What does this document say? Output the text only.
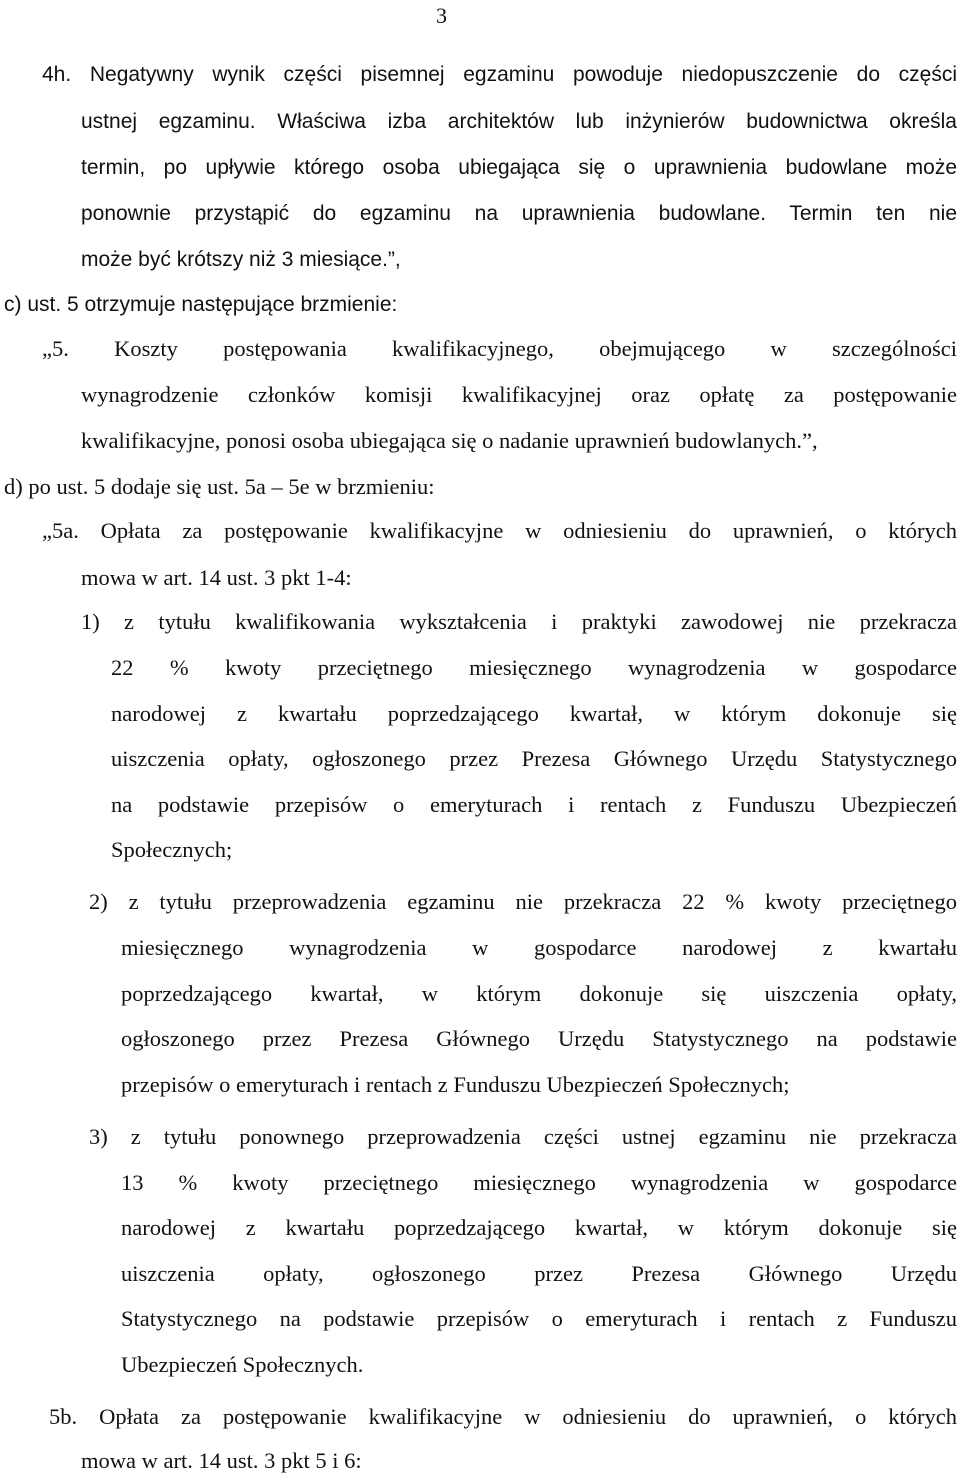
3

4h. Negatywny wynik części pisemnej egzaminu powoduje niedopuszczenie do części

ustnej egzaminu. Właściwa izba architektów lub inżynierów budownictwa określa

termin, po upływie którego osoba ubiegająca się o uprawnienia budowlane może

ponownie przystąpić do egzaminu na uprawnienia budowlane. Termin ten nie

może być krótszy niż 3 miesiące.”,

c) ust. 5 otrzymuje następujące brzmienie:

„5. Koszty postępowania kwalifikacyjnego, obejmującego w szczególności

wynagrodzenie członków komisji kwalifikacyjnej oraz opłatę za postępowanie

kwalifikacyjne, ponosi osoba ubiegająca się o nadanie uprawnień budowlanych.”,

d) po ust. 5 dodaje się ust. 5a – 5e w brzmieniu:

„5a. Opłata za postępowanie kwalifikacyjne w odniesieniu do uprawnień, o których

mowa w art. 14 ust. 3 pkt 1-4:

1) z tytułu kwalifikowania wykształcenia i praktyki zawodowej nie przekracza

22 % kwoty przeciętnego miesięcznego wynagrodzenia w gospodarce

narodowej z kwartału poprzedzającego kwartał, w którym dokonuje się

uiszczenia opłaty, ogłoszonego przez Prezesa Głównego Urzędu Statystycznego

na podstawie przepisów o emeryturach i rentach z Funduszu Ubezpieczeń

Społecznych;

2) z tytułu przeprowadzenia egzaminu nie przekracza 22 % kwoty przeciętnego

miesięcznego wynagrodzenia w gospodarce narodowej z kwartału

poprzedzającego kwartał, w którym dokonuje się uiszczenia opłaty,

ogłoszonego przez Prezesa Głównego Urzędu Statystycznego na podstawie

przepisów o emeryturach i rentach z Funduszu Ubezpieczeń Społecznych;

3) z tytułu ponownego przeprowadzenia części ustnej egzaminu nie przekracza

13 % kwoty przeciętnego miesięcznego wynagrodzenia w gospodarce

narodowej z kwartału poprzedzającego kwartał, w którym dokonuje się

uiszczenia opłaty, ogłoszonego przez Prezesa Głównego Urzędu

Statystycznego na podstawie przepisów o emeryturach i rentach z Funduszu

Ubezpieczeń Społecznych.

5b. Opłata za postępowanie kwalifikacyjne w odniesieniu do uprawnień, o których

mowa w art. 14 ust. 3 pkt 5 i 6:
